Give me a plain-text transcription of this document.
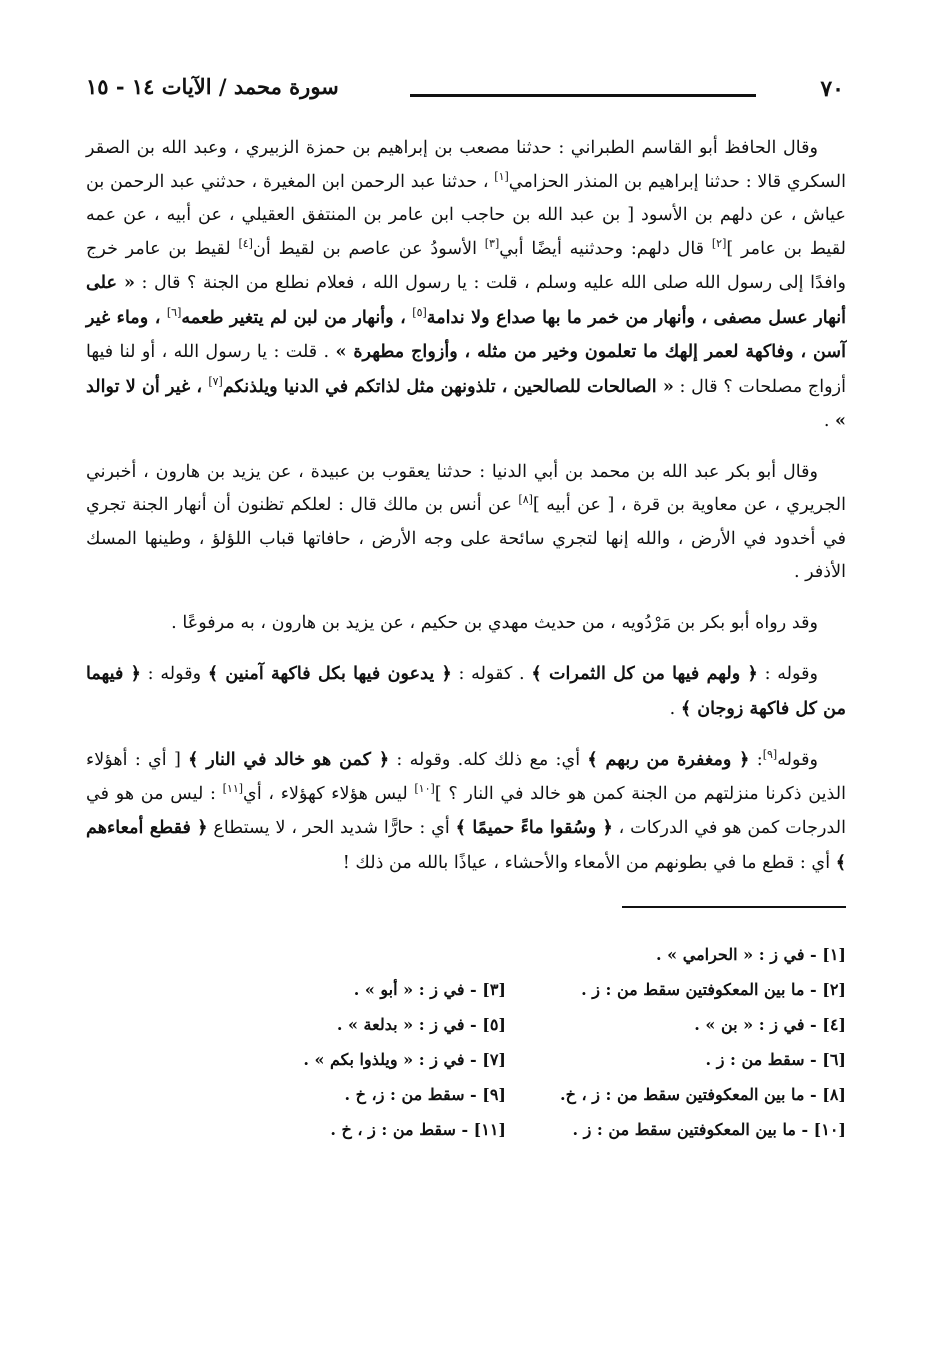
٧٠
سورة محمد / الآيات ١٤ - ١٥

وقال الحافظ أبو القاسم الطبراني : حدثنا مصعب بن إبراهيم بن حمزة الزبيري ، وعبد الله بن الصقر السكري قالا : حدثنا إبراهيم بن المنذر الحزامي[١] ، حدثنا عبد الرحمن ابن المغيرة ، حدثني عبد الرحمن بن عياش ، عن دلهم بن الأسود [ بن عبد الله بن حاجب ابن عامر بن المنتفق العقيلي ، عن أبيه ، عن عمه لقيط بن عامر ][٢] قال دلهم: وحدثنيه أيضًا أبي[٣] الأسودُ عن عاصم بن لقيط أن[٤] لقيط بن عامر خرج وافدًا إلى رسول الله صلى الله عليه وسلم ، قلت : يا رسول الله ، فعلام نطلع من الجنة ؟ قال : « على أنهار عسل مصفى ، وأنهار من خمر ما بها صداع ولا ندامة[٥] ، وأنهار من لبن لم يتغير طعمه[٦] ، وماء غير آسن ، وفاكهة لعمر إلهك ما تعلمون وخير من مثله ، وأزواج مطهرة » . قلت : يا رسول الله ، أو لنا فيها أزواج مصلحات ؟ قال : « الصالحات للصالحين ، تلذونهن مثل لذاتكم في الدنيا ويلذنكم[٧] ، غير أن لا توالد » .

وقال أبو بكر عبد الله بن محمد بن أبي الدنيا : حدثنا يعقوب بن عبيدة ، عن يزيد بن هارون ، أخبرني الجريري ، عن معاوية بن قرة ، [ عن أبيه ][٨] عن أنس بن مالك قال : لعلكم تظنون أن أنهار الجنة تجري في أخدود في الأرض ، والله إنها لتجري سائحة على وجه الأرض ، حافاتها قباب اللؤلؤ ، وطينها المسك الأذفر .

وقد رواه أبو بكر بن مَرْدُويه ، من حديث مهدي بن حكيم ، عن يزيد بن هارون ، به مرفوعًا .

وقوله : ﴿ ولهم فيها من كل الثمرات ﴾ . كقوله : ﴿ يدعون فيها بكل فاكهة آمنين ﴾ وقوله : ﴿ فيهما من كل فاكهة زوجان ﴾ .

وقوله[٩]: ﴿ ومغفرة من ربهم ﴾ أي: مع ذلك كله. وقوله : ﴿ كمن هو خالد في النار ﴾ [ أي : أهؤلاء الذين ذكرنا منزلتهم من الجنة كمن هو خالد في النار ؟ ][١٠] ليس هؤلاء كهؤلاء ، أي[١١] : ليس من هو في الدرجات كمن هو في الدركات ، ﴿ وسُقوا ماءً حميمًا ﴾ أي : حارًّا شديد الحر ، لا يستطاع ﴿ فقطع أمعاءهم ﴾ أي : قطع ما في بطونهم من الأمعاء والأحشاء ، عياذًا بالله من ذلك !

[١] - في ز : « الحرامي » .
[٢] - ما بين المعكوفتين سقط من : ز .
[٣] - في ز : « أبو » .
[٤] - في ز : « بن » .
[٥] - في ز : « بدلعة » .
[٦] - سقط من : ز .
[٧] - في ز : « ويلذوا بكم » .
[٨] - ما بين المعكوفتين سقط من : ز ، خ.
[٩] - سقط من : ز، خ .
[١٠] - ما بين المعكوفتين سقط من : ز .
[١١] - سقط من : ز ، خ .
